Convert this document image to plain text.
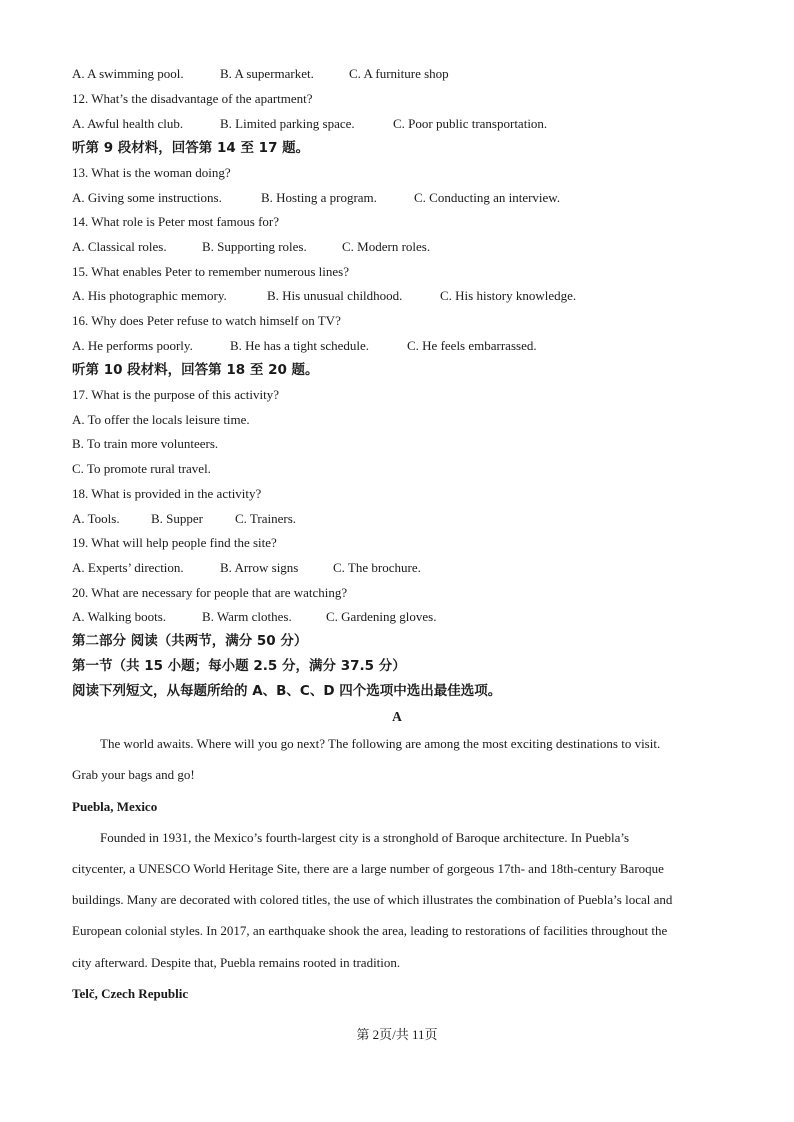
A. A swimming pool.	B. A supermarket.	C. A furniture shop
12. What’s the disadvantage of the apartment?
A. Awful health club.	B. Limited parking space.	C. Poor public transportation.
听第 9 段材料，回答第 14 至 17 题。
13. What is the woman doing?
A. Giving some instructions.	B. Hosting a program.	C. Conducting an interview.
14. What role is Peter most famous for?
A. Classical roles.	B. Supporting roles.	C. Modern roles.
15. What enables Peter to remember numerous lines?
A. His photographic memory.	B. His unusual childhood.	C. His history knowledge.
16. Why does Peter refuse to watch himself on TV?
A. He performs poorly.	B. He has a tight schedule.	C. He feels embarrassed.
听第 10 段材料，回答第 18 至 20 题。
17. What is the purpose of this activity?
A. To offer the locals leisure time.
B. To train more volunteers.
C. To promote rural travel.
18. What is provided in the activity?
A. Tools. B. Supper C. Trainers.
19. What will help people find the site?
A. Experts’ direction.	B. Arrow signs	C. The brochure.
20. What are necessary for people that are watching?
A. Walking boots.	B. Warm clothes.	C. Gardening gloves.
第二部分 阅读（共两节，满分 50 分）
第一节（共 15 小题；每小题 2.5 分，满分 37.5 分）
阅读下列短文，从每题所给的 A、B、C、D 四个选项中选出最佳选项。
A
The world awaits. Where will you go next? The following are among the most exciting destinations to visit.
Grab your bags and go!
Puebla, Mexico
Founded in 1931, the Mexico’s fourth-largest city is a stronghold of Baroque architecture. In Puebla’s
citycenter, a UNESCO World Heritage Site, there are a large number of gorgeous 17th- and 18th-century Baroque
buildings. Many are decorated with colored titles, the use of which illustrates the combination of Puebla’s local and
European colonial styles. In 2017, an earthquake shook the area, leading to restorations of facilities throughout the
city afterward. Despite that, Puebla remains rooted in tradition.
Telč, Czech Republic
第 2页/共 11页
